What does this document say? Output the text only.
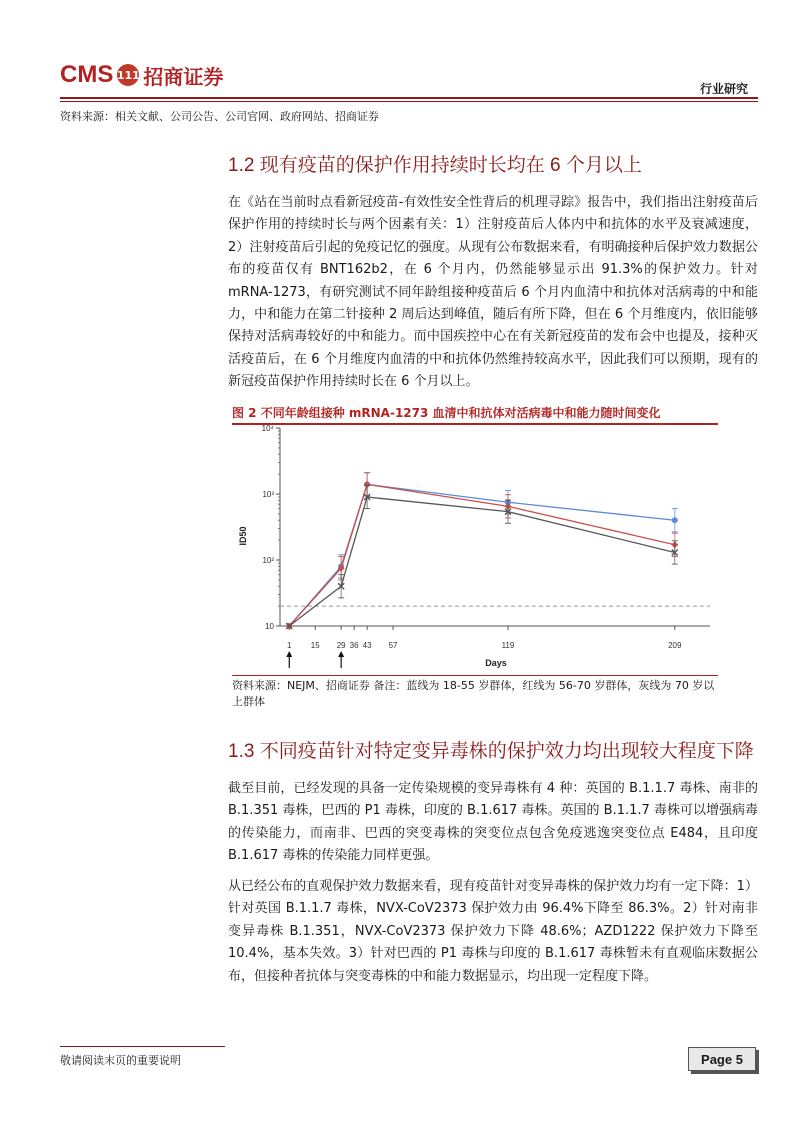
CMS 111 招商证券
行业研究
资料来源：相关文献、公司公告、公司官网、政府网站、招商证券
1.2 现有疫苗的保护作用持续时长均在 6 个月以上

在《站在当前时点看新冠疫苗-有效性安全性背后的机理寻踪》报告中，我们指出注射疫苗后保护作用的持续时长与两个因素有关：1）注射疫苗后人体内中和抗体的水平及衰减速度，2）注射疫苗后引起的免疫记忆的强度。从现有公布数据来看，有明确接种后保护效力数据公布的疫苗仅有 BNT162b2，在 6 个月内，仍然能够显示出 91.3%的保护效力。针对 mRNA-1273，有研究测试不同年龄组接种疫苗后 6 个月内血清中和抗体对活病毒的中和能力，中和能力在第二针接种 2 周后达到峰值，随后有所下降，但在 6 个月维度内，依旧能够保持对活病毒较好的中和能力。而中国疾控中心在有关新冠疫苗的发布会中也提及，接种灭活疫苗后，在 6 个月维度内血清的中和抗体仍然维持较高水平，因此我们可以预期，现有的新冠疫苗保护作用持续时长在 6 个月以上。

图 2 不同年龄组接种 mRNA-1273 血清中和抗体对活病毒中和能力随时间变化
10
10²
10³
10⁴
ID50
1 15 29 36 43 57	119	209
Days
资料来源：NEJM、招商证券 备注：蓝线为 18-55 岁群体，红线为 56-70 岁群体，灰线为 70 岁以上群体
1.3 不同疫苗针对特定变异毒株的保护效力均出现较大程度下降

截至目前，已经发现的具备一定传染规模的变异毒株有 4 种：英国的 B.1.1.7 毒株、南非的 B.1.351 毒株，巴西的 P1 毒株，印度的 B.1.617 毒株。英国的 B.1.1.7 毒株可以增强病毒的传染能力，而南非、巴西的突变毒株的突变位点包含免疫逃逸突变位点 E484，且印度 B.1.617 毒株的传染能力同样更强。

从已经公布的直观保护效力数据来看，现有疫苗针对变异毒株的保护效力均有一定下降：1）针对英国 B.1.1.7 毒株，NVX-CoV2373 保护效力由 96.4%下降至 86.3%。2）针对南非变异毒株 B.1.351，NVX-CoV2373 保护效力下降 48.6%；AZD1222 保护效力下降至 10.4%，基本失效。3）针对巴西的 P1 毒株与印度的 B.1.617 毒株暂未有直观临床数据公布，但接种者抗体与突变毒株的中和能力数据显示，均出现一定程度下降。

敬请阅读末页的重要说明	Page 5
